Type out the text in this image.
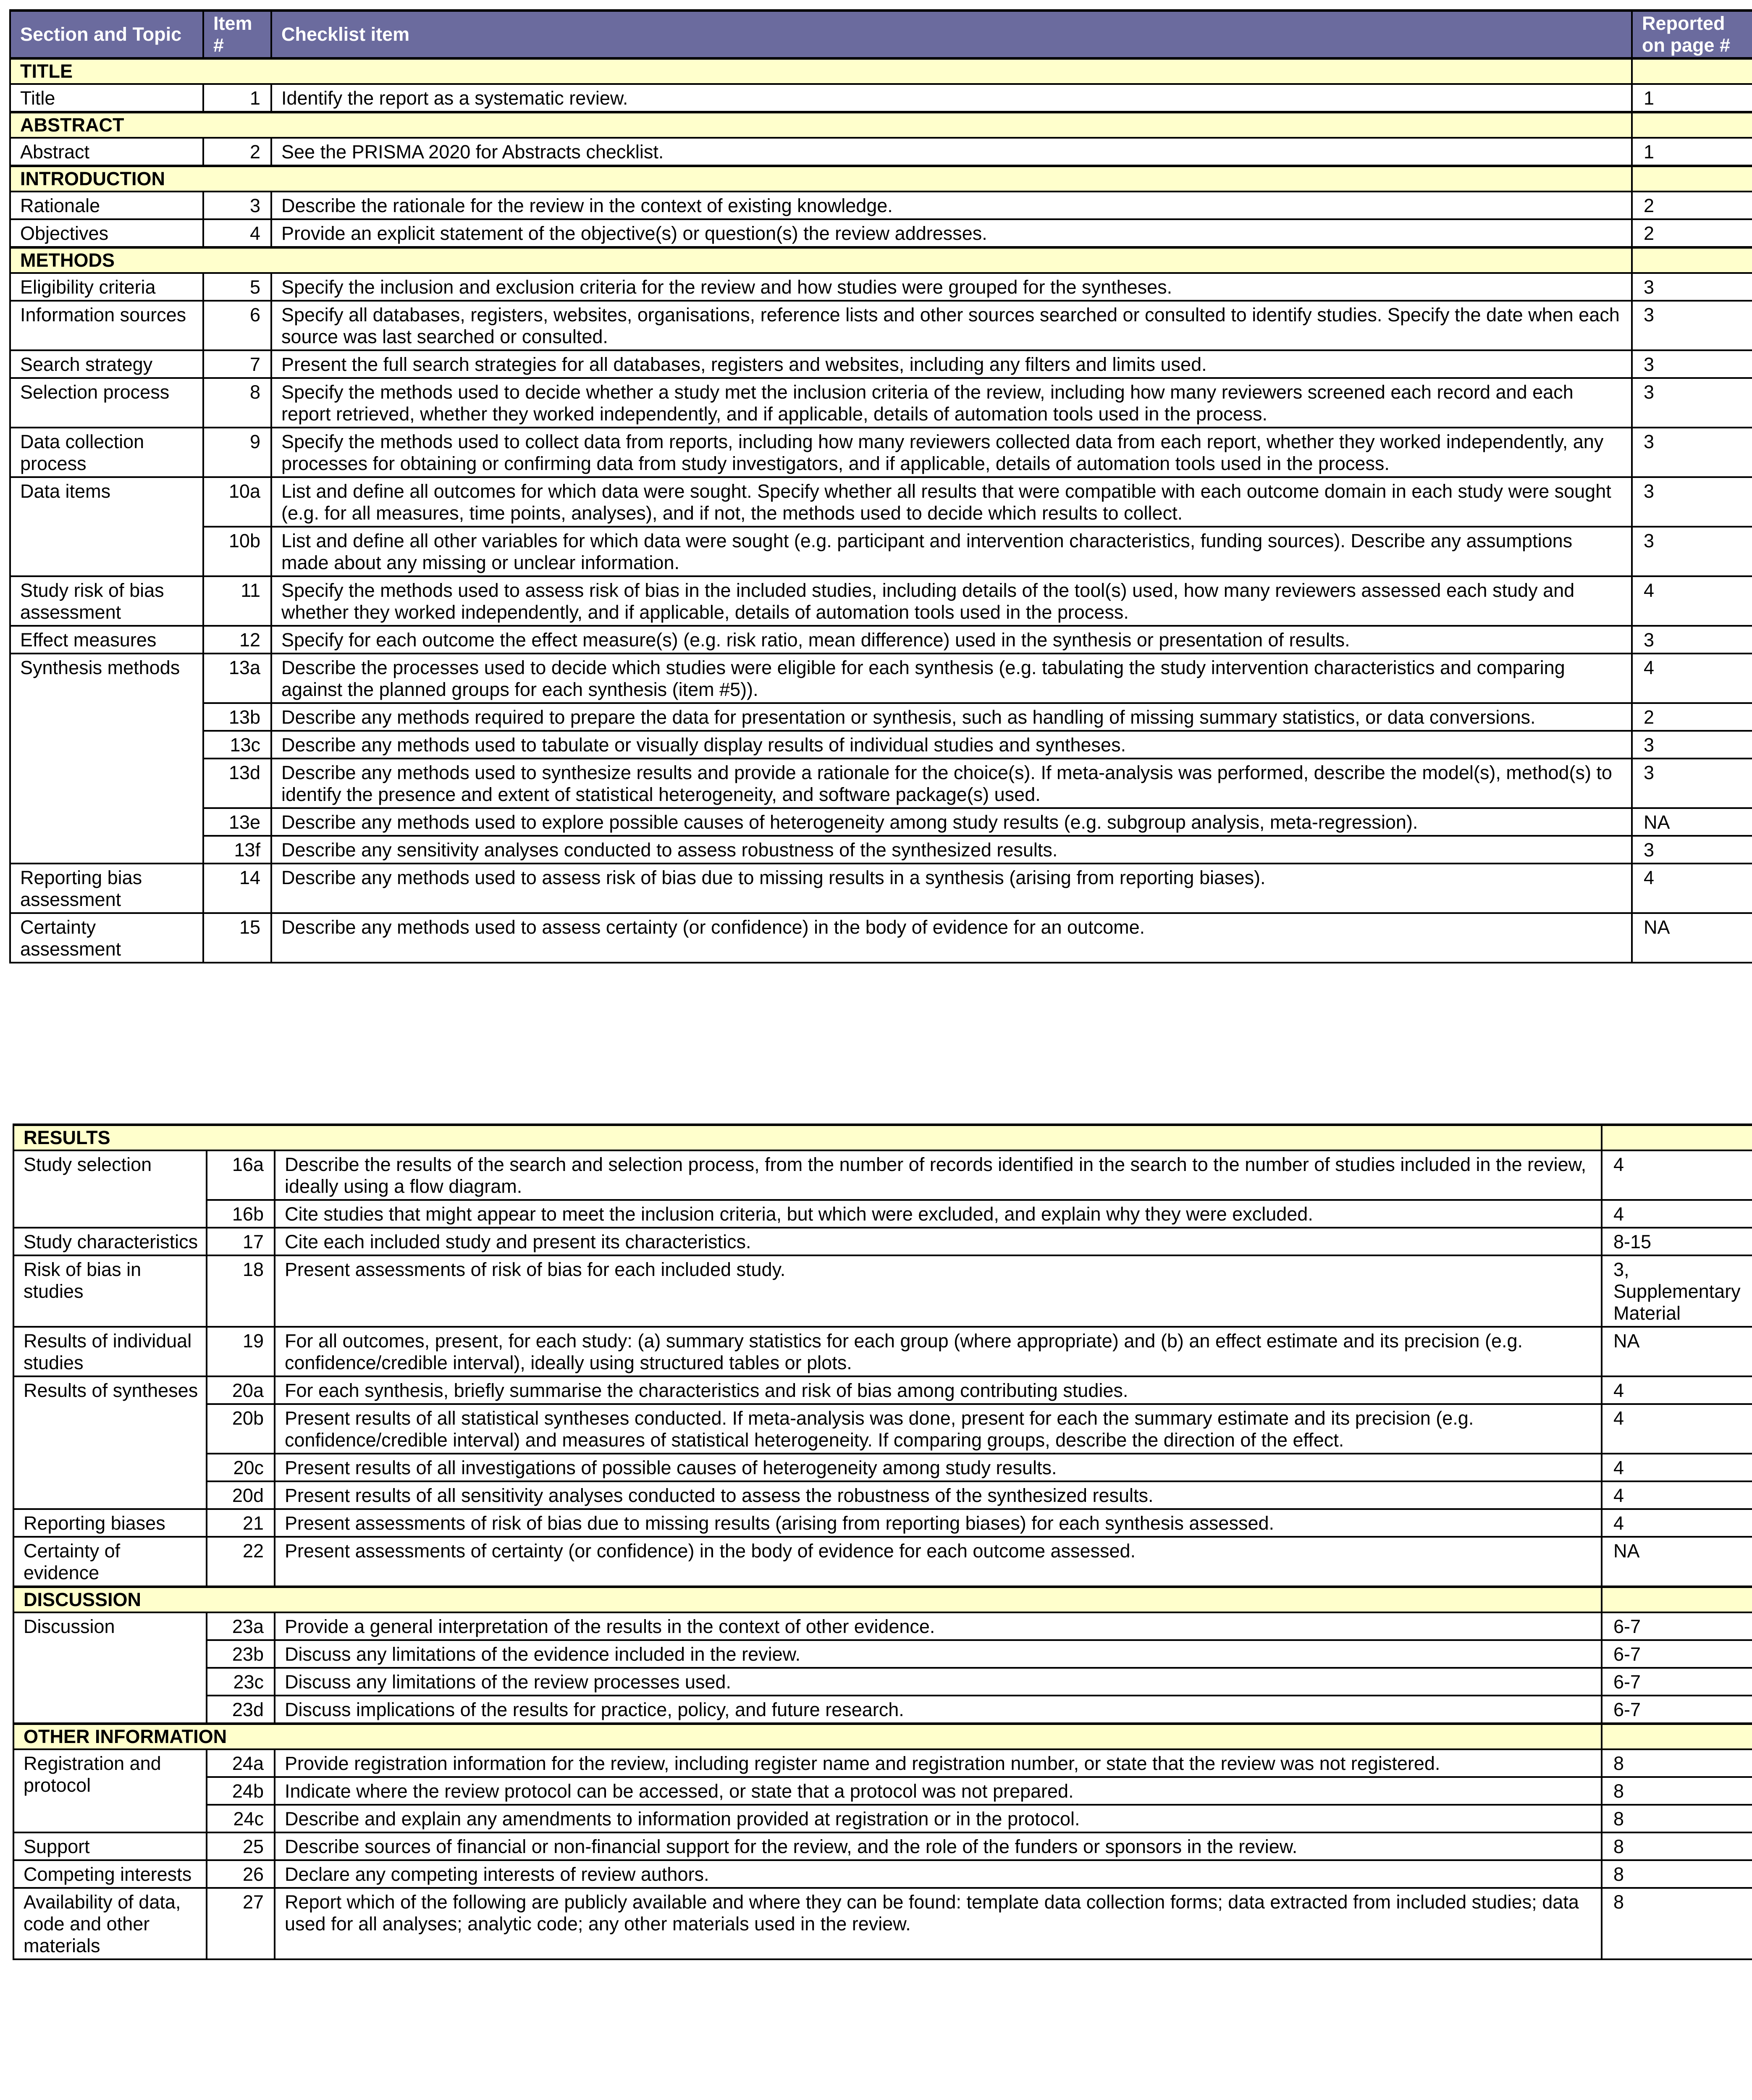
Section and Topic	Item #	Checklist item	Reported on page #
TITLE			
Title	1	Identify the report as a systematic review.	1
ABSTRACT			
Abstract	2	See the PRISMA 2020 for Abstracts checklist.	1
INTRODUCTION			
Rationale	3	Describe the rationale for the review in the context of existing knowledge.	2
Objectives	4	Provide an explicit statement of the objective(s) or question(s) the review addresses.	2
METHODS			
Eligibility criteria	5	Specify the inclusion and exclusion criteria for the review and how studies were grouped for the syntheses.	3
Information sources	6	Specify all databases, registers, websites, organisations, reference lists and other sources searched or consulted to identify studies. Specify the date when each source was last searched or consulted.	3
Search strategy	7	Present the full search strategies for all databases, registers and websites, including any filters and limits used.	3
Selection process	8	Specify the methods used to decide whether a study met the inclusion criteria of the review, including how many reviewers screened each record and each report retrieved, whether they worked independently, and if applicable, details of automation tools used in the process.	3
Data collection process	9	Specify the methods used to collect data from reports, including how many reviewers collected data from each report, whether they worked independently, any processes for obtaining or confirming data from study investigators, and if applicable, details of automation tools used in the process.	3
Data items	10a	List and define all outcomes for which data were sought. Specify whether all results that were compatible with each outcome domain in each study were sought (e.g. for all measures, time points, analyses), and if not, the methods used to decide which results to collect.	3
	10b	List and define all other variables for which data were sought (e.g. participant and intervention characteristics, funding sources). Describe any assumptions made about any missing or unclear information.	3
Study risk of bias assessment	11	Specify the methods used to assess risk of bias in the included studies, including details of the tool(s) used, how many reviewers assessed each study and whether they worked independently, and if applicable, details of automation tools used in the process.	4
Effect measures	12	Specify for each outcome the effect measure(s) (e.g. risk ratio, mean difference) used in the synthesis or presentation of results.	3
Synthesis methods	13a	Describe the processes used to decide which studies were eligible for each synthesis (e.g. tabulating the study intervention characteristics and comparing against the planned groups for each synthesis (item #5)).	4
	13b	Describe any methods required to prepare the data for presentation or synthesis, such as handling of missing summary statistics, or data conversions.	2
	13c	Describe any methods used to tabulate or visually display results of individual studies and syntheses.	3
	13d	Describe any methods used to synthesize results and provide a rationale for the choice(s). If meta-analysis was performed, describe the model(s), method(s) to identify the presence and extent of statistical heterogeneity, and software package(s) used.	3
	13e	Describe any methods used to explore possible causes of heterogeneity among study results (e.g. subgroup analysis, meta-regression).	NA
	13f	Describe any sensitivity analyses conducted to assess robustness of the synthesized results.	3
Reporting bias assessment	14	Describe any methods used to assess risk of bias due to missing results in a synthesis (arising from reporting biases).	4
Certainty assessment	15	Describe any methods used to assess certainty (or confidence) in the body of evidence for an outcome.	NA
RESULTS			
Study selection	16a	Describe the results of the search and selection process, from the number of records identified in the search to the number of studies included in the review, ideally using a flow diagram.	4
	16b	Cite studies that might appear to meet the inclusion criteria, but which were excluded, and explain why they were excluded.	4
Study characteristics	17	Cite each included study and present its characteristics.	8-15
Risk of bias in studies	18	Present assessments of risk of bias for each included study.	3, Supplementary Material
Results of individual studies	19	For all outcomes, present, for each study: (a) summary statistics for each group (where appropriate) and (b) an effect estimate and its precision (e.g. confidence/credible interval), ideally using structured tables or plots.	NA
Results of syntheses	20a	For each synthesis, briefly summarise the characteristics and risk of bias among contributing studies.	4
	20b	Present results of all statistical syntheses conducted. If meta-analysis was done, present for each the summary estimate and its precision (e.g. confidence/credible interval) and measures of statistical heterogeneity. If comparing groups, describe the direction of the effect.	4
	20c	Present results of all investigations of possible causes of heterogeneity among study results.	4
	20d	Present results of all sensitivity analyses conducted to assess the robustness of the synthesized results.	4
Reporting biases	21	Present assessments of risk of bias due to missing results (arising from reporting biases) for each synthesis assessed.	4
Certainty of evidence	22	Present assessments of certainty (or confidence) in the body of evidence for each outcome assessed.	NA
DISCUSSION			
Discussion	23a	Provide a general interpretation of the results in the context of other evidence.	6-7
	23b	Discuss any limitations of the evidence included in the review.	6-7
	23c	Discuss any limitations of the review processes used.	6-7
	23d	Discuss implications of the results for practice, policy, and future research.	6-7
OTHER INFORMATION			
Registration and protocol	24a	Provide registration information for the review, including register name and registration number, or state that the review was not registered.	8
	24b	Indicate where the review protocol can be accessed, or state that a protocol was not prepared.	8
	24c	Describe and explain any amendments to information provided at registration or in the protocol.	8
Support	25	Describe sources of financial or non-financial support for the review, and the role of the funders or sponsors in the review.	8
Competing interests	26	Declare any competing interests of review authors.	8
Availability of data, code and other materials	27	Report which of the following are publicly available and where they can be found: template data collection forms; data extracted from included studies; data used for all analyses; analytic code; any other materials used in the review.	8
